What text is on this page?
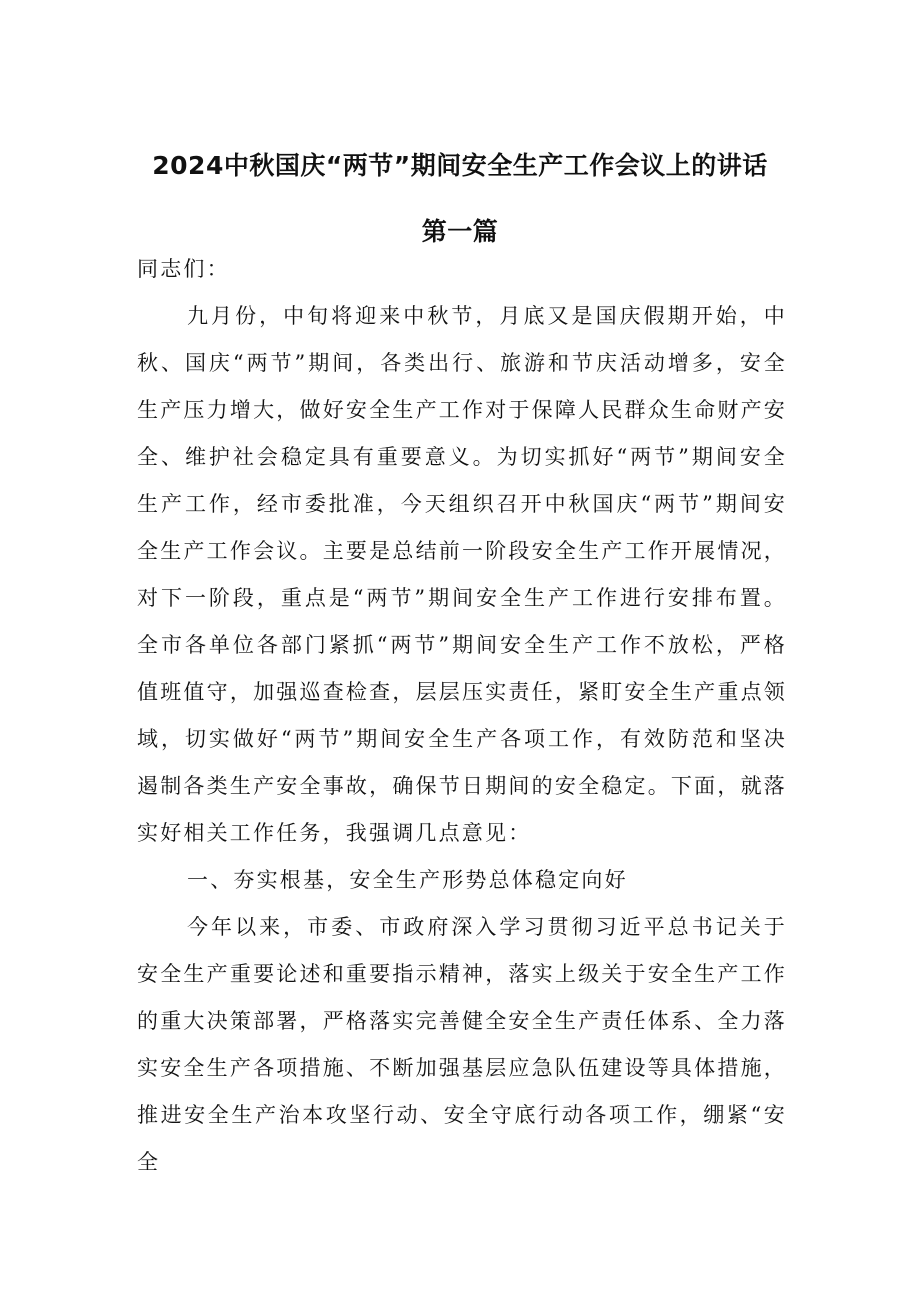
2024中秋国庆“两节”期间安全生产工作会议上的讲话
第一篇

同志们：

九月份，中旬将迎来中秋节，月底又是国庆假期开始，中秋、国庆“两节”期间，各类出行、旅游和节庆活动增多，安全生产压力增大，做好安全生产工作对于保障人民群众生命财产安全、维护社会稳定具有重要意义。为切实抓好“两节”期间安全生产工作，经市委批准，今天组织召开中秋国庆“两节”期间安全生产工作会议。主要是总结前一阶段安全生产工作开展情况，对下一阶段，重点是“两节”期间安全生产工作进行安排布置。全市各单位各部门紧抓“两节”期间安全生产工作不放松，严格值班值守，加强巡查检查，层层压实责任，紧盯安全生产重点领域，切实做好“两节”期间安全生产各项工作，有效防范和坚决遏制各类生产安全事故，确保节日期间的安全稳定。下面，就落实好相关工作任务，我强调几点意见：

一、夯实根基，安全生产形势总体稳定向好

今年以来，市委、市政府深入学习贯彻习近平总书记关于安全生产重要论述和重要指示精神，落实上级关于安全生产工作的重大决策部署，严格落实完善健全安全生产责任体系、全力落实安全生产各项措施、不断加强基层应急队伍建设等具体措施，推进安全生产治本攻坚行动、安全守底行动各项工作，绷紧“安全
